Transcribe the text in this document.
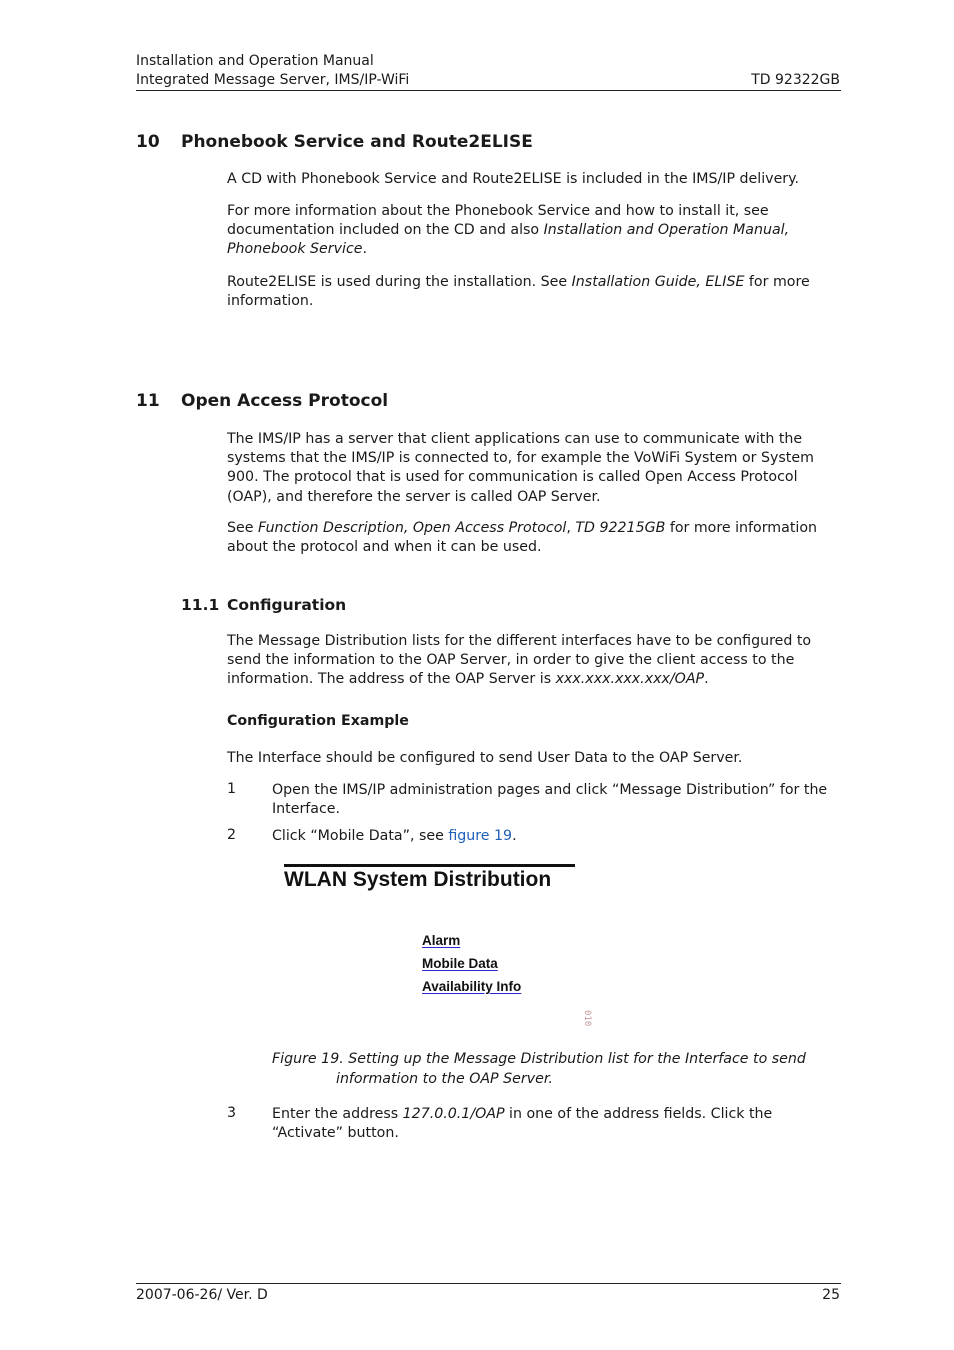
Installation and Operation Manual
Integrated Message Server, IMS/IP-WiFi	TD 92322GB
10 Phonebook Service and Route2ELISE
A CD with Phonebook Service and Route2ELISE is included in the IMS/IP delivery.
For more information about the Phonebook Service and how to install it, see documentation included on the CD and also Installation and Operation Manual, Phonebook Service.
Route2ELISE is used during the installation. See Installation Guide, ELISE for more information.
11 Open Access Protocol
The IMS/IP has a server that client applications can use to communicate with the systems that the IMS/IP is connected to, for example the VoWiFi System or System 900. The protocol that is used for communication is called Open Access Protocol (OAP), and therefore the server is called OAP Server.
See Function Description, Open Access Protocol, TD 92215GB for more information about the protocol and when it can be used.
11.1 Configuration
The Message Distribution lists for the different interfaces have to be configured to send the information to the OAP Server, in order to give the client access to the information. The address of the OAP Server is xxx.xxx.xxx.xxx/OAP.
Configuration Example
The Interface should be configured to send User Data to the OAP Server.
1	Open the IMS/IP administration pages and click “Message Distribution” for the Interface.
2	Click “Mobile Data”, see figure 19.
WLAN System Distribution
Alarm
Mobile Data
Availability Info
010
Figure 19. Setting up the Message Distribution list for the Interface to send
information to the OAP Server.
3	Enter the address 127.0.0.1/OAP in one of the address fields. Click the “Activate” button.
2007-06-26/ Ver. D	25
